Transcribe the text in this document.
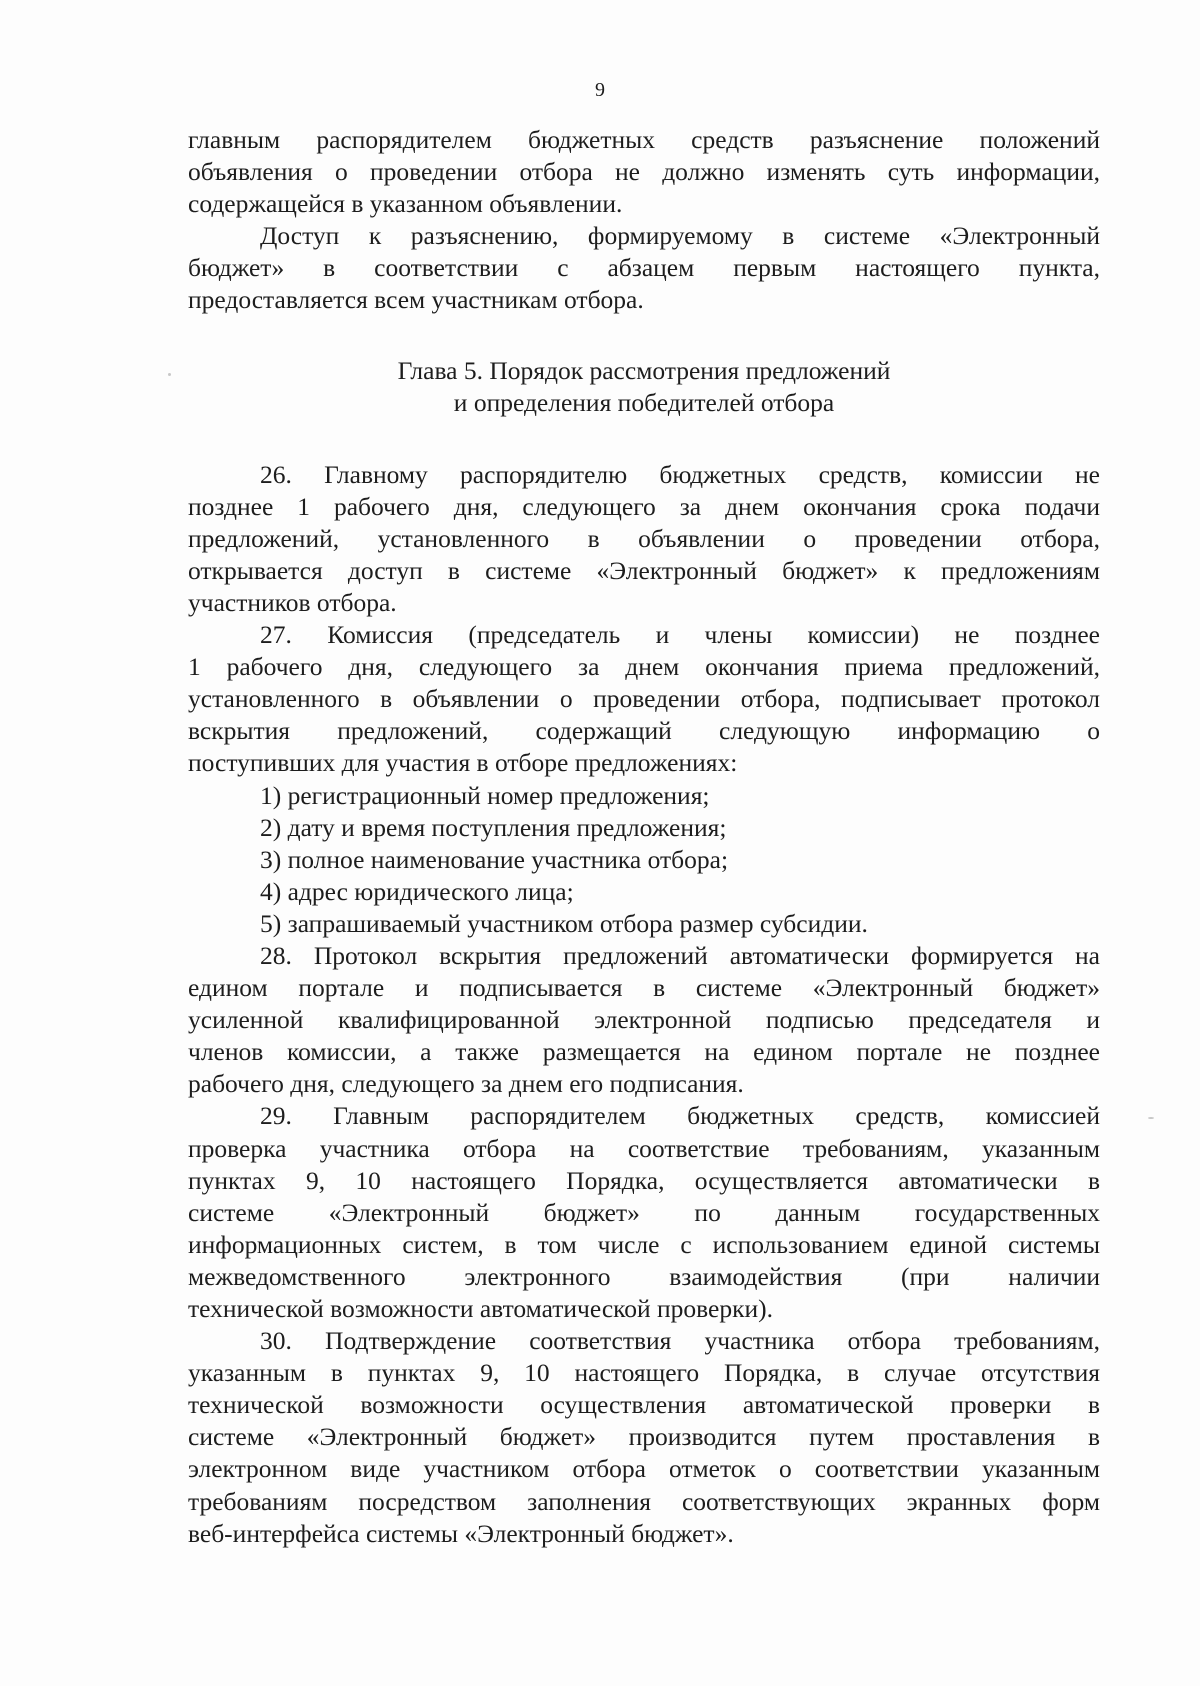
9
главным распорядителем бюджетных средств разъяснение положений
объявления о проведении отбора не должно изменять суть информации,
содержащейся в указанном объявлении.
Доступ к разъяснению, формируемому в системе «Электронный
бюджет» в соответствии с абзацем первым настоящего пункта,
предоставляется всем участникам отбора.

Глава 5. Порядок рассмотрения предложений

и определения победителей отбора

26. Главному распорядителю бюджетных средств, комиссии не
позднее 1 рабочего дня, следующего за днем окончания срока подачи
предложений, установленного в объявлении о проведении отбора,
открывается доступ в системе «Электронный бюджет» к предложениям
участников отбора.
27. Комиссия (председатель и члены комиссии) не позднее
1 рабочего дня, следующего за днем окончания приема предложений,
установленного в объявлении о проведении отбора, подписывает протокол
вскрытия предложений, содержащий следующую информацию о
поступивших для участия в отборе предложениях:

1) регистрационный номер предложения;

2) дату и время поступления предложения;

3) полное наименование участника отбора;

4) адрес юридического лица;

5) запрашиваемый участником отбора размер субсидии.

28. Протокол вскрытия предложений автоматически формируется на
едином портале и подписывается в системе «Электронный бюджет»
усиленной квалифицированной электронной подписью председателя и
членов комиссии, а также размещается на едином портале не позднее
рабочего дня, следующего за днем его подписания.
29. Главным распорядителем бюджетных средств, комиссией
проверка участника отбора на соответствие требованиям, указанным
пунктах 9, 10 настоящего Порядка, осуществляется автоматически в
системе «Электронный бюджет» по данным государственных
информационных систем, в том числе с использованием единой системы
межведомственного электронного взаимодействия (при наличии
технической возможности автоматической проверки).
30. Подтверждение соответствия участника отбора требованиям,
указанным в пунктах 9, 10 настоящего Порядка, в случае отсутствия
технической возможности осуществления автоматической проверки в
системе «Электронный бюджет» производится путем проставления в
электронном виде участником отбора отметок о соответствии указанным
требованиям посредством заполнения соответствующих экранных форм
веб-интерфейса системы «Электронный бюджет».
